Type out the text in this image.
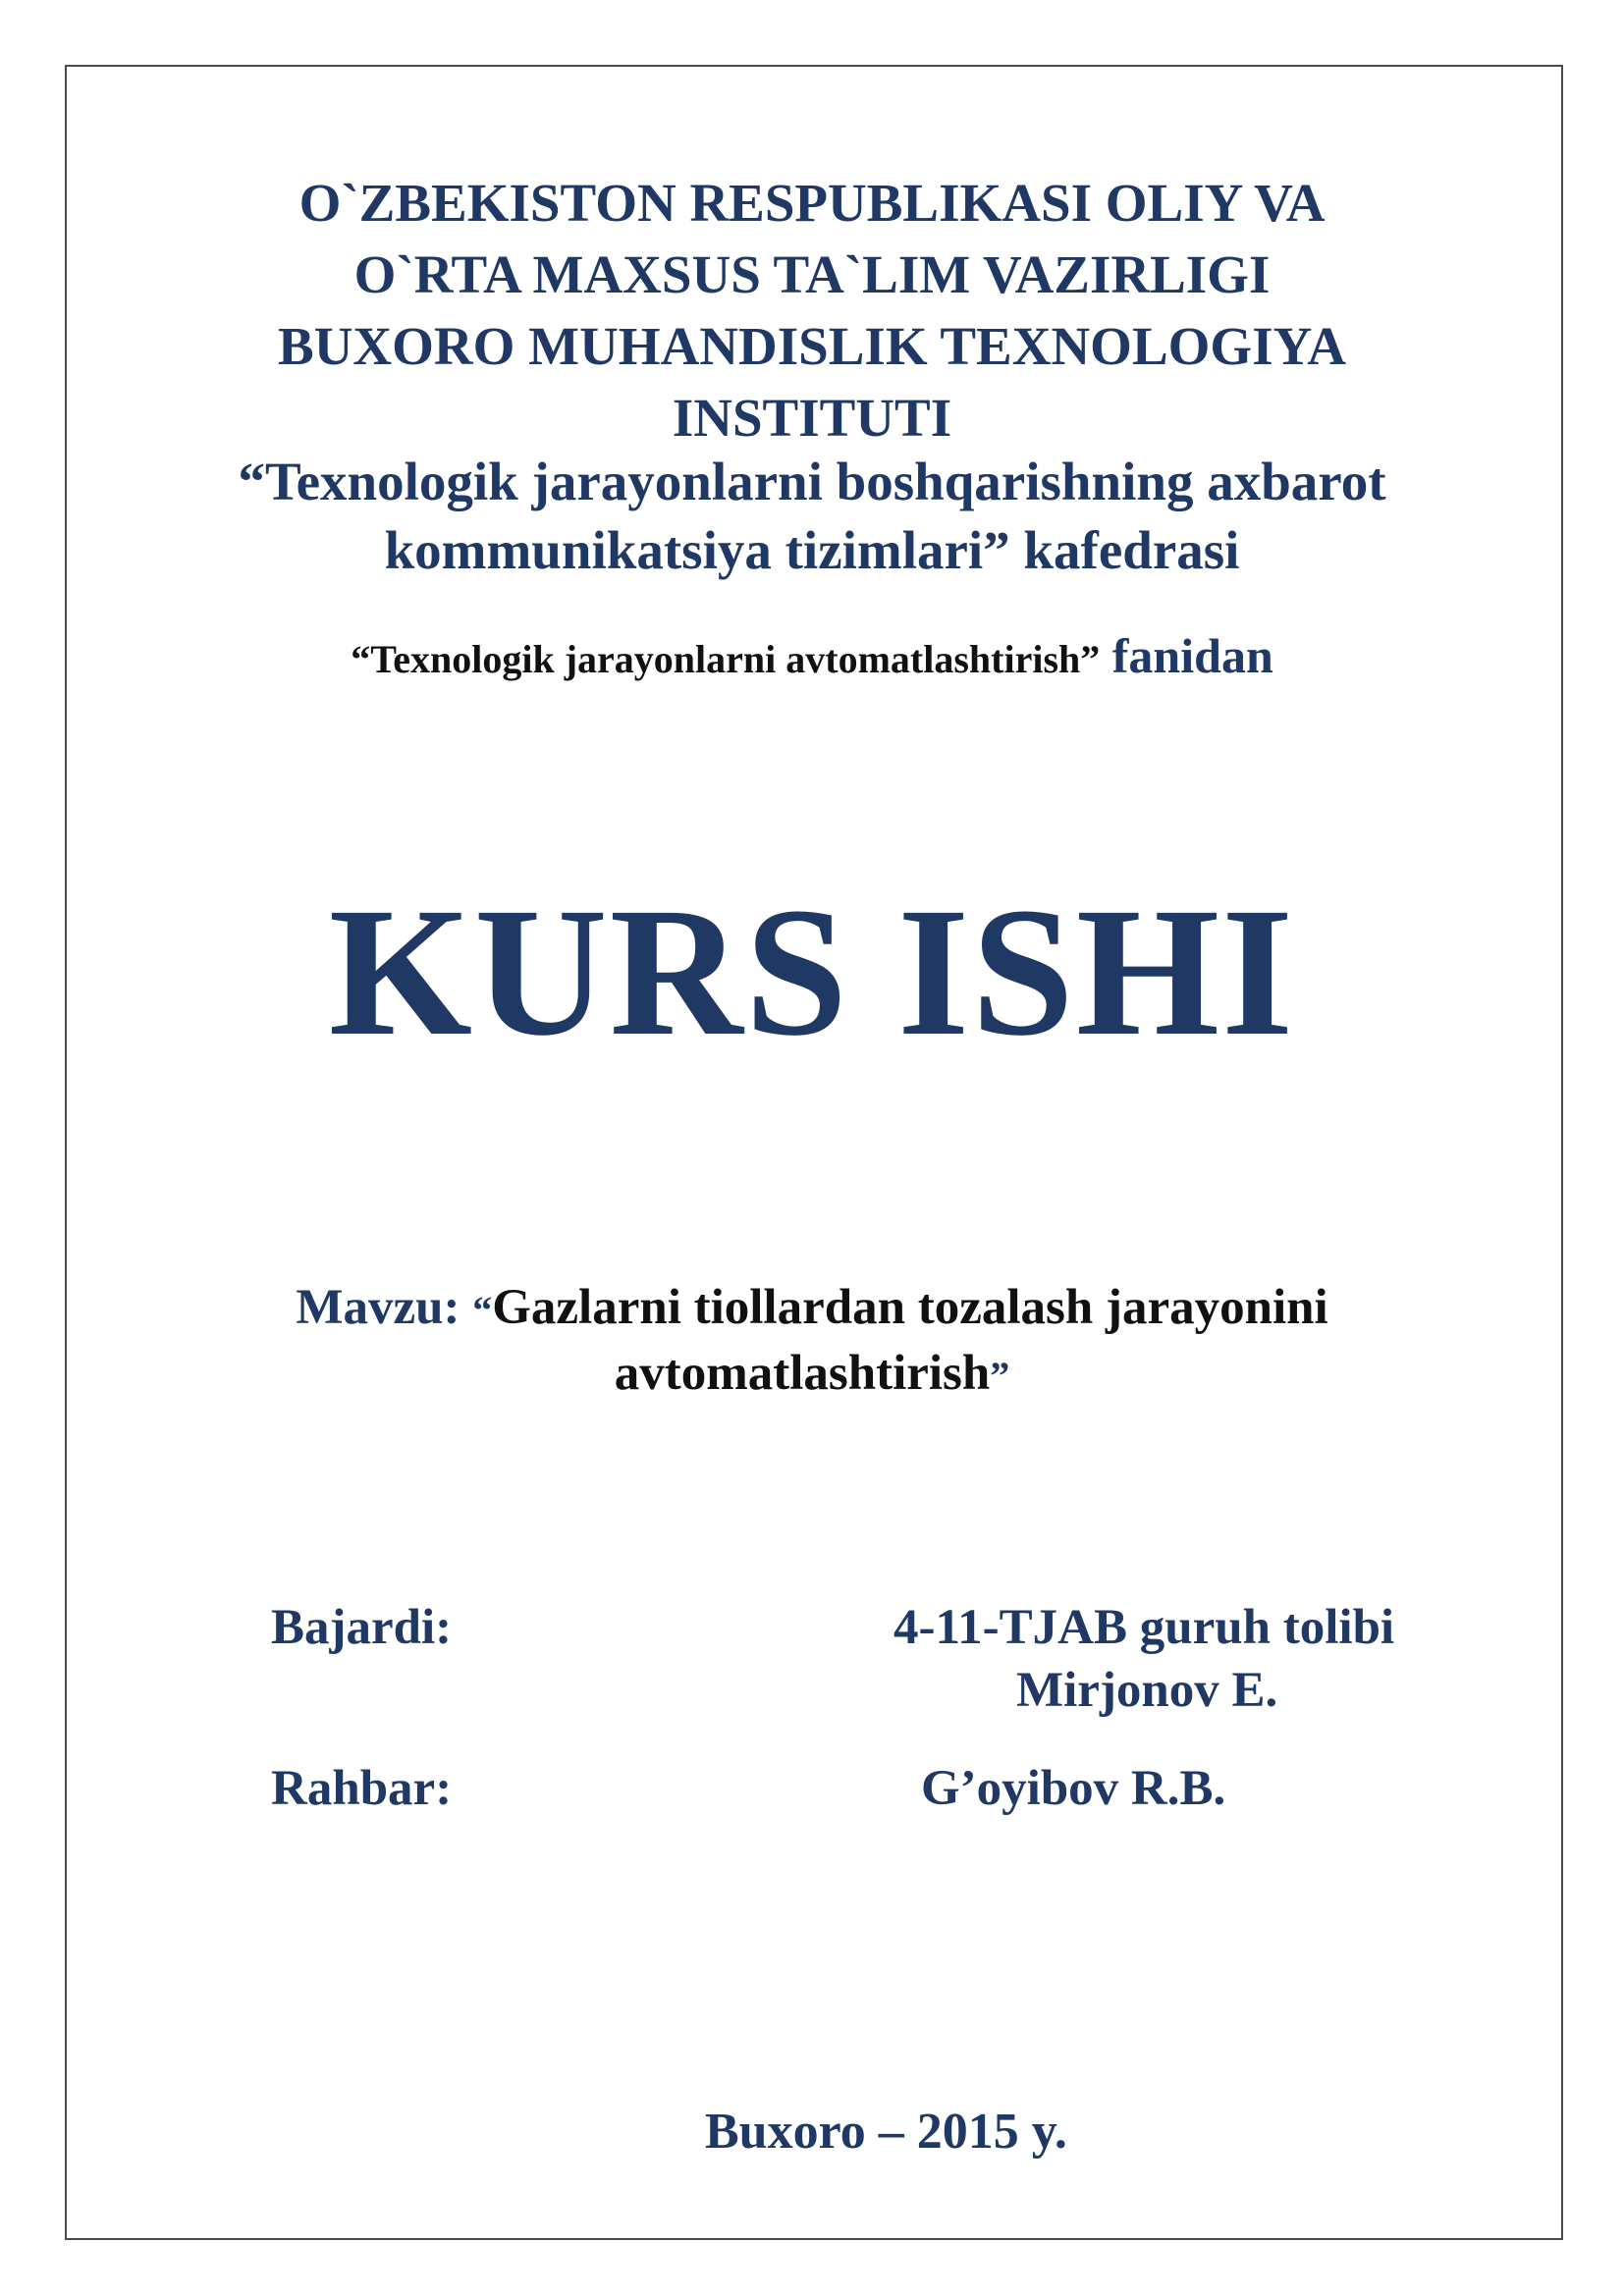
O`ZBEKISTON RESPUBLIKASI OLIY VA
O`RTA MAXSUS TA`LIM VAZIRLIGI
BUXORO MUHANDISLIK TEXNOLOGIYA
INSTITUTI
“Texnologik jarayonlarni boshqarishning axbarot
kommunikatsiya tizimlari” kafedrasi
“Texnologik jarayonlarni avtomatlashtirish” fanidan
KURS ISHI
Mavzu: “Gazlarni tiollardan tozalash jarayonini
avtomatlashtirish”
Bajardi:	4-11-TJAB guruh tolibi
Mirjonov E.
Rahbar:	G’oyibov R.B.
Buxoro – 2015 y.
